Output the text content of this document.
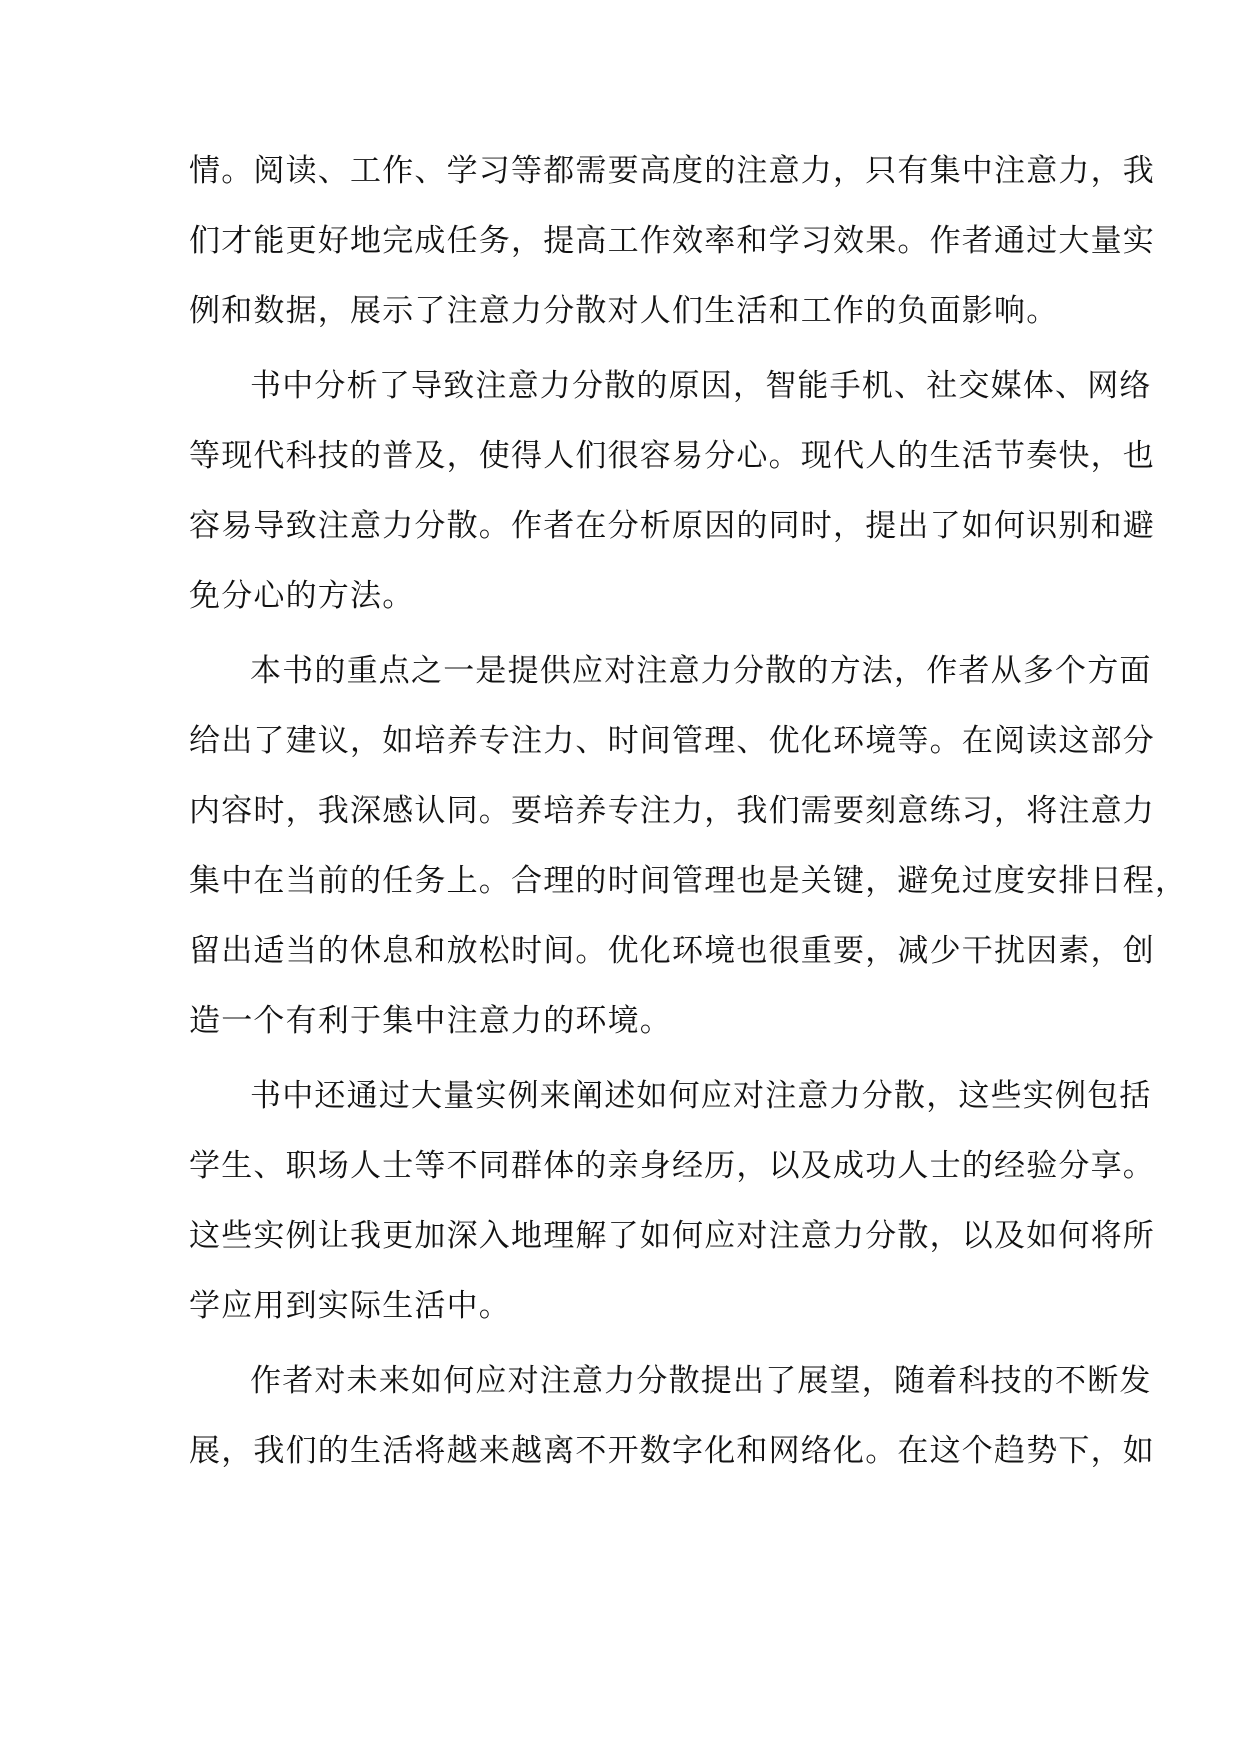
情。阅读、工作、学习等都需要高度的注意力，只有集中注意力，我
们才能更好地完成任务，提高工作效率和学习效果。作者通过大量实
例和数据，展示了注意力分散对人们生活和工作的负面影响。
书中分析了导致注意力分散的原因，智能手机、社交媒体、网络
等现代科技的普及，使得人们很容易分心。现代人的生活节奏快，也
容易导致注意力分散。作者在分析原因的同时，提出了如何识别和避
免分心的方法。
本书的重点之一是提供应对注意力分散的方法，作者从多个方面
给出了建议，如培养专注力、时间管理、优化环境等。在阅读这部分
内容时，我深感认同。要培养专注力，我们需要刻意练习，将注意力
集中在当前的任务上。合理的时间管理也是关键，避免过度安排日程，
留出适当的休息和放松时间。优化环境也很重要，减少干扰因素，创
造一个有利于集中注意力的环境。
书中还通过大量实例来阐述如何应对注意力分散，这些实例包括
学生、职场人士等不同群体的亲身经历，以及成功人士的经验分享。
这些实例让我更加深入地理解了如何应对注意力分散，以及如何将所
学应用到实际生活中。
作者对未来如何应对注意力分散提出了展望，随着科技的不断发
展，我们的生活将越来越离不开数字化和网络化。在这个趋势下，如
